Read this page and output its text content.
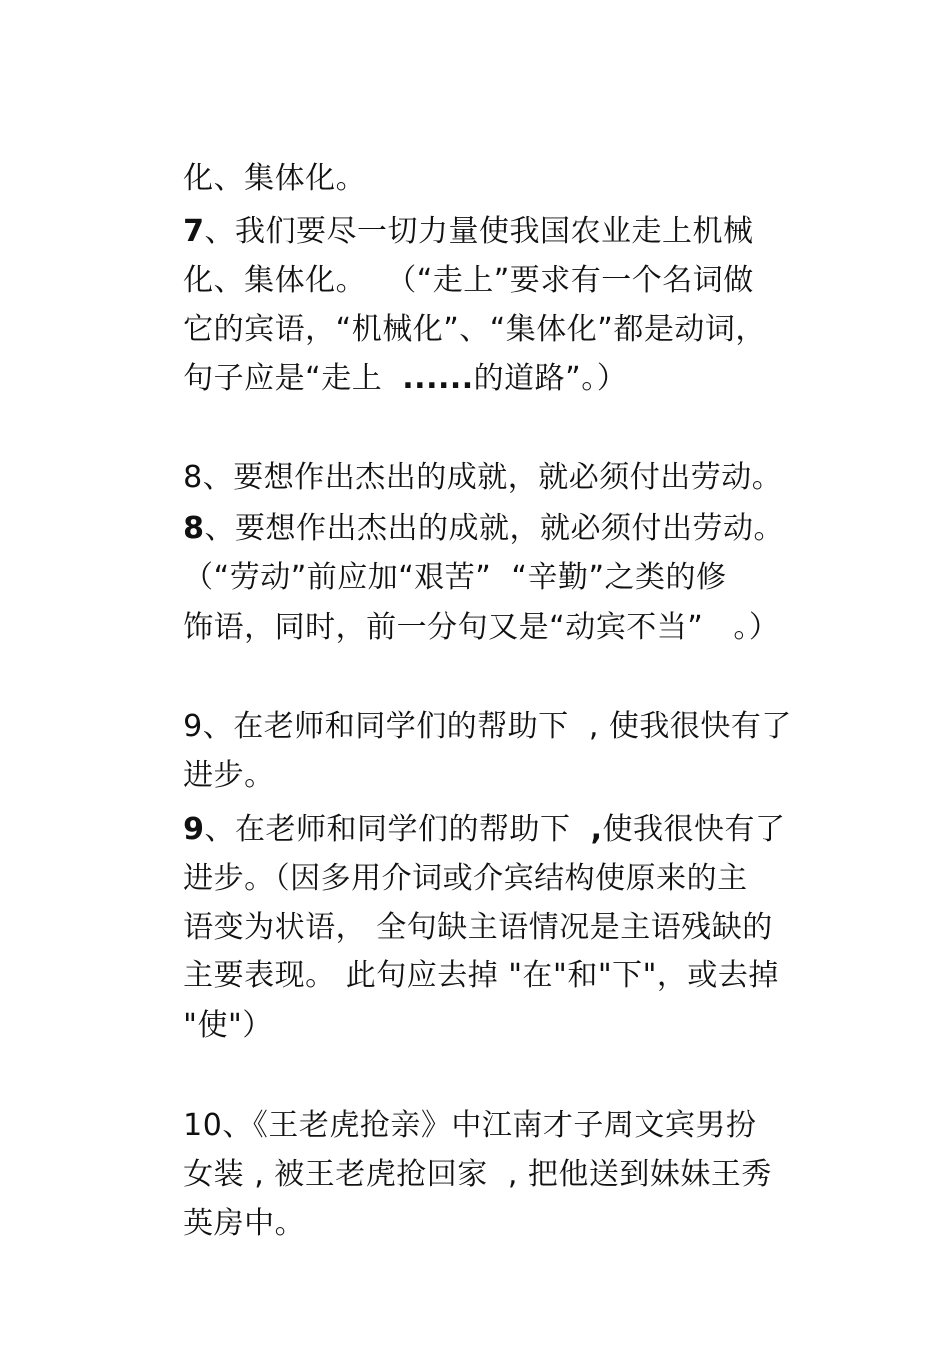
化、集体化。

7、我们要尽一切力量使我国农业走上机械

化、集体化。  （“走上”要求有一个名词做

它的宾语，“机械化”、“集体化”都是动词，

句子应是“走上  ......的道路”。）

8、要想作出杰出的成就，就必须付出劳动。

8、要想作出杰出的成就，就必须付出劳动。

（“劳动”前应加“艰苦”  “辛勤”之类的修

饰语，同时，前一分句又是“动宾不当”   。）

9、在老师和同学们的帮助下  , 使我很快有了

进步。

9、在老师和同学们的帮助下  ,使我很快有了

进步。（因多用介词或介宾结构使原来的主

语变为状语， 全句缺主语情况是主语残缺的

主要表现。 此句应去掉 "在"和"下"，或去掉

"使"）

10、《王老虎抢亲》中江南才子周文宾男扮

女装 , 被王老虎抢回家  , 把他送到妹妹王秀

英房中。
